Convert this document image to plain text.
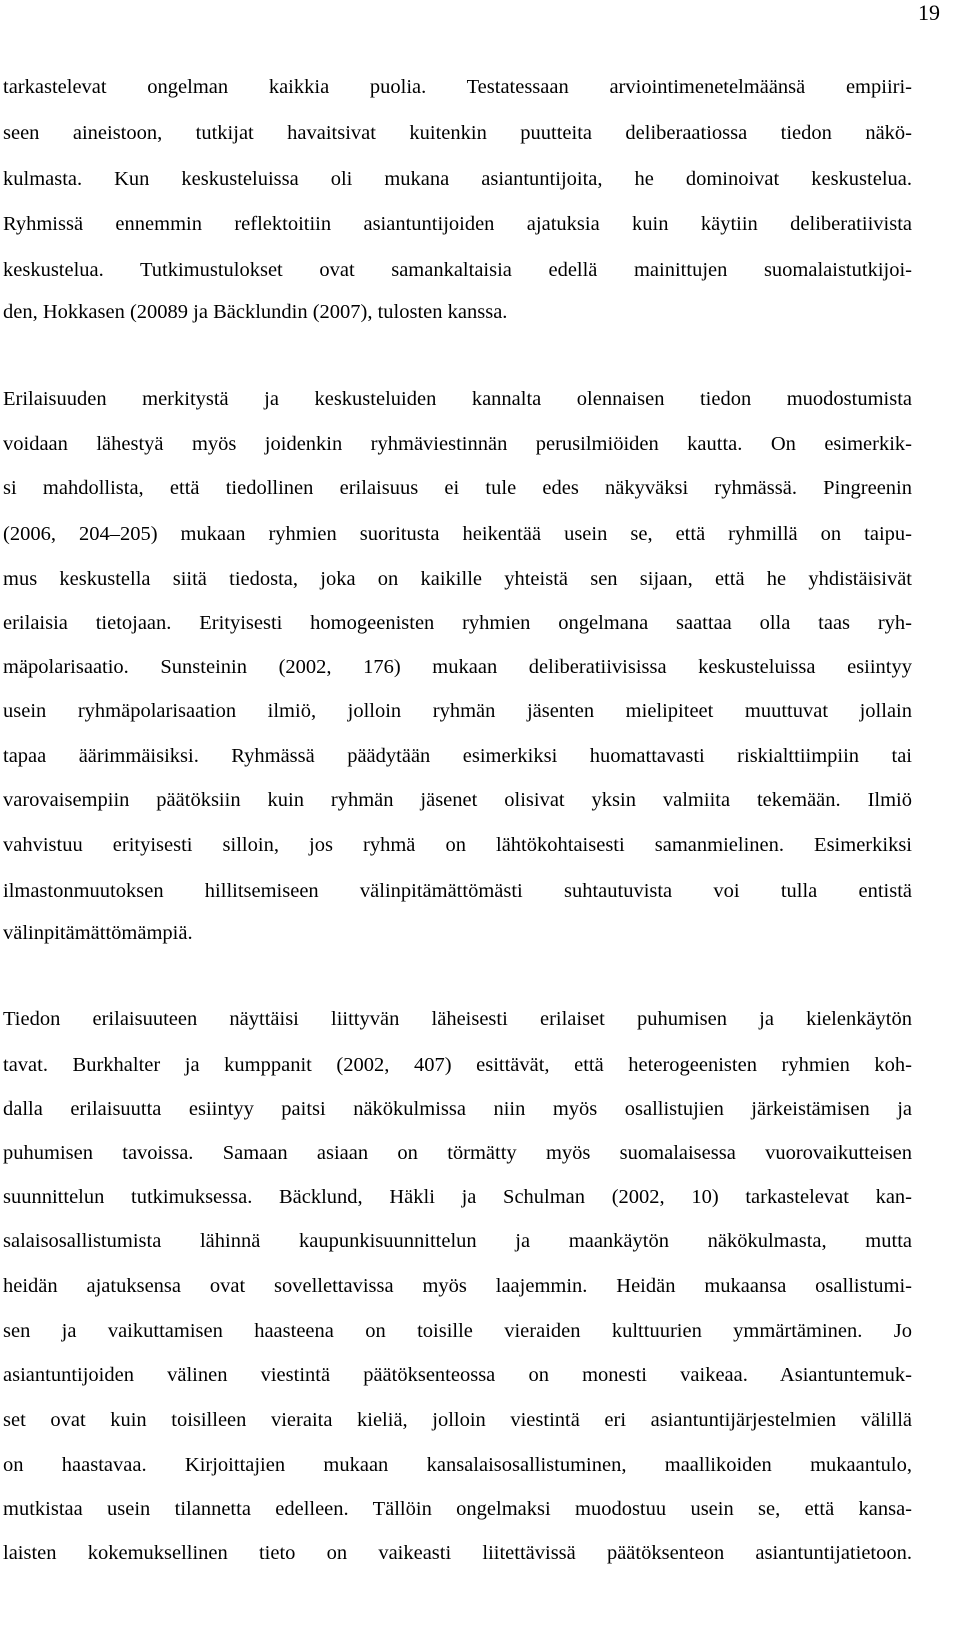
19
tarkastelevat ongelman kaikkia puolia. Testatessaan arviointimenetelmäänsä empiiri-
seen aineistoon, tutkijat havaitsivat kuitenkin puutteita deliberaatiossa tiedon näkö-
kulmasta. Kun keskusteluissa oli mukana asiantuntijoita, he dominoivat keskustelua.
Ryhmissä ennemmin reflektoitiin asiantuntijoiden ajatuksia kuin käytiin deliberatiivista
keskustelua. Tutkimustulokset ovat samankaltaisia edellä mainittujen suomalaistutkijoi-
den, Hokkasen (20089 ja Bäcklundin (2007), tulosten kanssa.
Erilaisuuden merkitystä ja keskusteluiden kannalta olennaisen tiedon muodostumista
voidaan lähestyä myös joidenkin ryhmäviestinnän perusilmiöiden kautta. On esimerkik-
si mahdollista, että tiedollinen erilaisuus ei tule edes näkyväksi ryhmässä. Pingreenin
(2006, 204–205) mukaan ryhmien suoritusta heikentää usein se, että ryhmillä on taipu-
mus keskustella siitä tiedosta, joka on kaikille yhteistä sen sijaan, että he yhdistäisivät
erilaisia tietojaan. Erityisesti homogeenisten ryhmien ongelmana saattaa olla taas ryh-
mäpolarisaatio. Sunsteinin (2002, 176) mukaan deliberatiivisissa keskusteluissa esiintyy
usein ryhmäpolarisaation ilmiö, jolloin ryhmän jäsenten mielipiteet muuttuvat jollain
tapaa äärimmäisiksi. Ryhmässä päädytään esimerkiksi huomattavasti riskialttiimpiin tai
varovaisempiin päätöksiin kuin ryhmän jäsenet olisivat yksin valmiita tekemään. Ilmiö
vahvistuu erityisesti silloin, jos ryhmä on lähtökohtaisesti samanmielinen. Esimerkiksi
ilmastonmuutoksen hillitsemiseen välinpitämättömästi suhtautuvista voi tulla entistä
välinpitämättömämpiä.
Tiedon erilaisuuteen näyttäisi liittyvän läheisesti erilaiset puhumisen ja kielenkäytön
tavat. Burkhalter ja kumppanit (2002, 407) esittävät, että heterogeenisten ryhmien koh-
dalla erilaisuutta esiintyy paitsi näkökulmissa niin myös osallistujien järkeistämisen ja
puhumisen tavoissa. Samaan asiaan on törmätty myös suomalaisessa vuorovaikutteisen
suunnittelun tutkimuksessa. Bäcklund, Häkli ja Schulman (2002, 10) tarkastelevat kan-
salaisosallistumista lähinnä kaupunkisuunnittelun ja maankäytön näkökulmasta, mutta
heidän ajatuksensa ovat sovellettavissa myös laajemmin. Heidän mukaansa osallistumi-
sen ja vaikuttamisen haasteena on toisille vieraiden kulttuurien ymmärtäminen. Jo
asiantuntijoiden välinen viestintä päätöksenteossa on monesti vaikeaa. Asiantuntemuk-
set ovat kuin toisilleen vieraita kieliä, jolloin viestintä eri asiantuntijärjestelmien välillä
on haastavaa. Kirjoittajien mukaan kansalaisosallistuminen, maallikoiden mukaantulo,
mutkistaa usein tilannetta edelleen. Tällöin ongelmaksi muodostuu usein se, että kansa-
laisten kokemuksellinen tieto on vaikeasti liitettävissä päätöksenteon asiantuntijatietoon.
